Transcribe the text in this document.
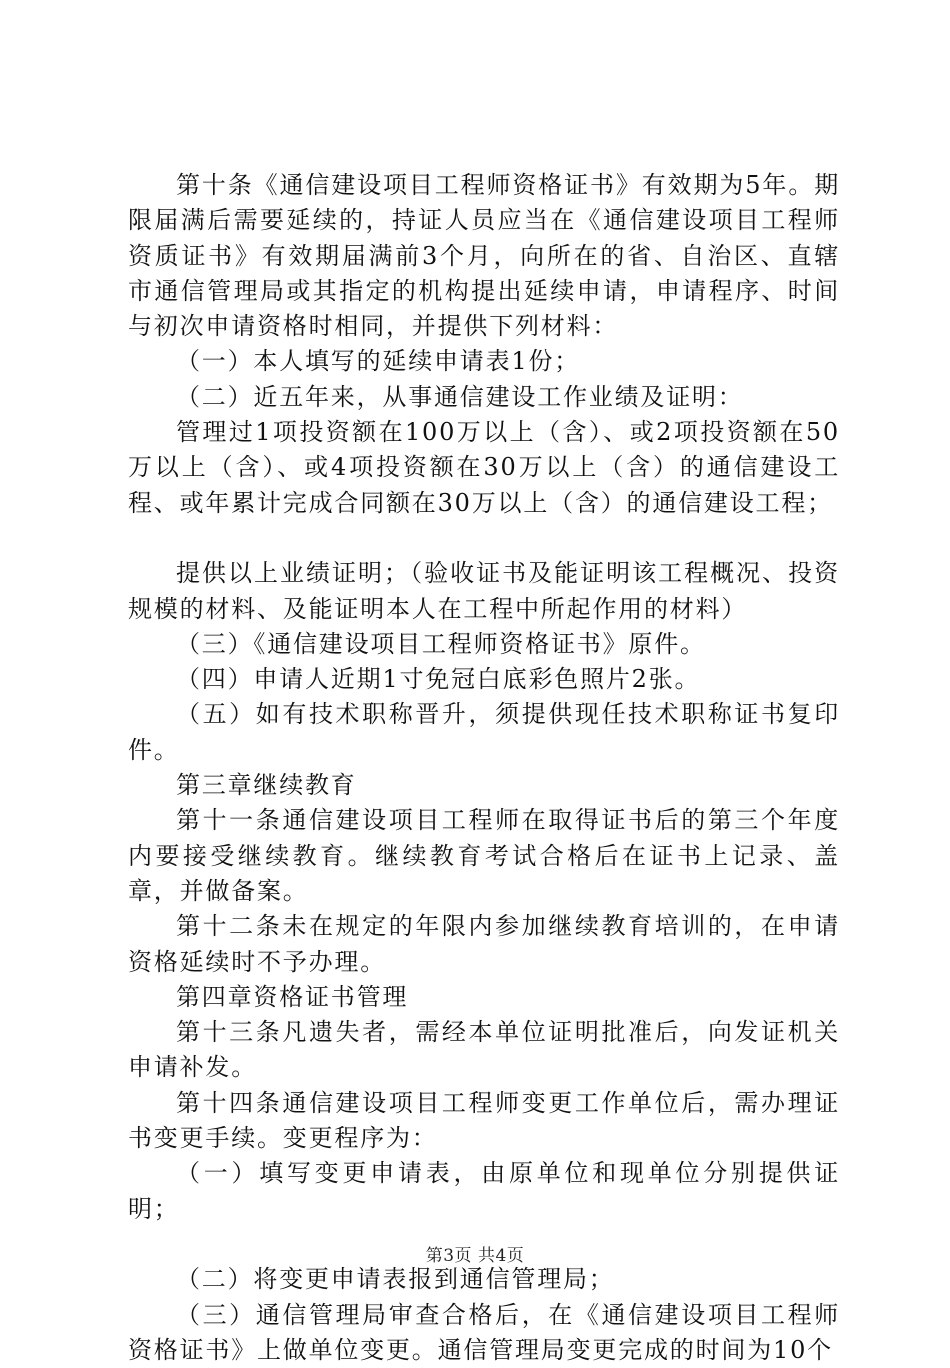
第十条《通信建设项目工程师资格证书》有效期为5年。期限届满后需要延续的，持证人员应当在《通信建设项目工程师资质证书》有效期届满前3个月，向所在的省、自治区、直辖市通信管理局或其指定的机构提出延续申请，申请程序、时间与初次申请资格时相同，并提供下列材料：

（一）本人填写的延续申请表1份；

（二）近五年来，从事通信建设工作业绩及证明：

管理过1项投资额在100万以上（含）、或2项投资额在50万以上（含）、或4项投资额在30万以上（含）的通信建设工程、或年累计完成合同额在30万以上（含）的通信建设工程；

提供以上业绩证明；（验收证书及能证明该工程概况、投资规模的材料、及能证明本人在工程中所起作用的材料）

（三）《通信建设项目工程师资格证书》原件。

（四）申请人近期1寸免冠白底彩色照片2张。

（五）如有技术职称晋升，须提供现任技术职称证书复印件。

第三章继续教育

第十一条通信建设项目工程师在取得证书后的第三个年度内要接受继续教育。继续教育考试合格后在证书上记录、盖章，并做备案。

第十二条未在规定的年限内参加继续教育培训的，在申请资格延续时不予办理。

第四章资格证书管理

第十三条凡遗失者，需经本单位证明批准后，向发证机关申请补发。

第十四条通信建设项目工程师变更工作单位后，需办理证书变更手续。变更程序为：

（一）填写变更申请表，由原单位和现单位分别提供证明；

（二）将变更申请表报到通信管理局；

（三）通信管理局审查合格后，在《通信建设项目工程师资格证书》上做单位变更。通信管理局变更完成的时间为10个

第3页 共4页
